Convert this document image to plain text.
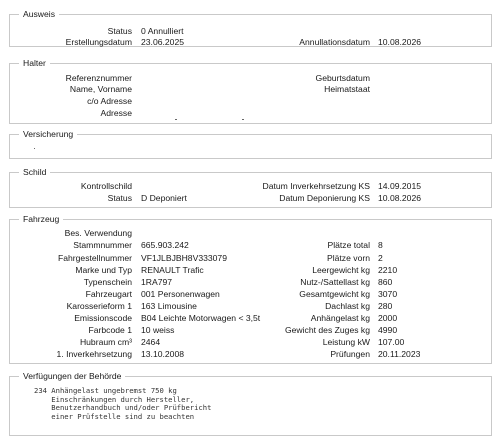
Ausweis
Status 0 Annulliert
Erstellungsdatum 23.06.2025	Annullationsdatum 10.08.2026
Halter
Referenznummer
Name, Vorname
c/o Adresse
Adresse
Geburtsdatum
Heimatstaat
Versicherung
Schild
Kontrollschild
Status D Deponiert
Datum Inverkehrsetzung KS 14.09.2015
Datum Deponierung KS 10.08.2026
Fahrzeug
Bes. Verwendung
Stammnummer 665.903.242
Fahrgestellnummer VF1JLBJBH8V333079
Marke und Typ RENAULT Trafic
Typenschein 1RA797
Fahrzeugart 001 Personenwagen
Karosserieform 1 163 Limousine
Emissionscode B04 Leichte Motorwagen < 3,5t
Farbcode 1 10 weiss
Hubraum cm³ 2464
1. Inverkehrsetzung 13.10.2008
Plätze total 8
Plätze vorn 2
Leergewicht kg 2210
Nutz-/Sattellast kg 860
Gesamtgewicht kg 3070
Dachlast kg 280
Anhängelast kg 2000
Gewicht des Zuges kg 4990
Leistung kW 107.00
Prüfungen 20.11.2023
Verfügungen der Behörde
234 Anhängelast ungebremst 750 kg
Einschränkungen durch Hersteller,
Benutzerhandbuch und/oder Prüfbericht
einer Prüfstelle sind zu beachten
